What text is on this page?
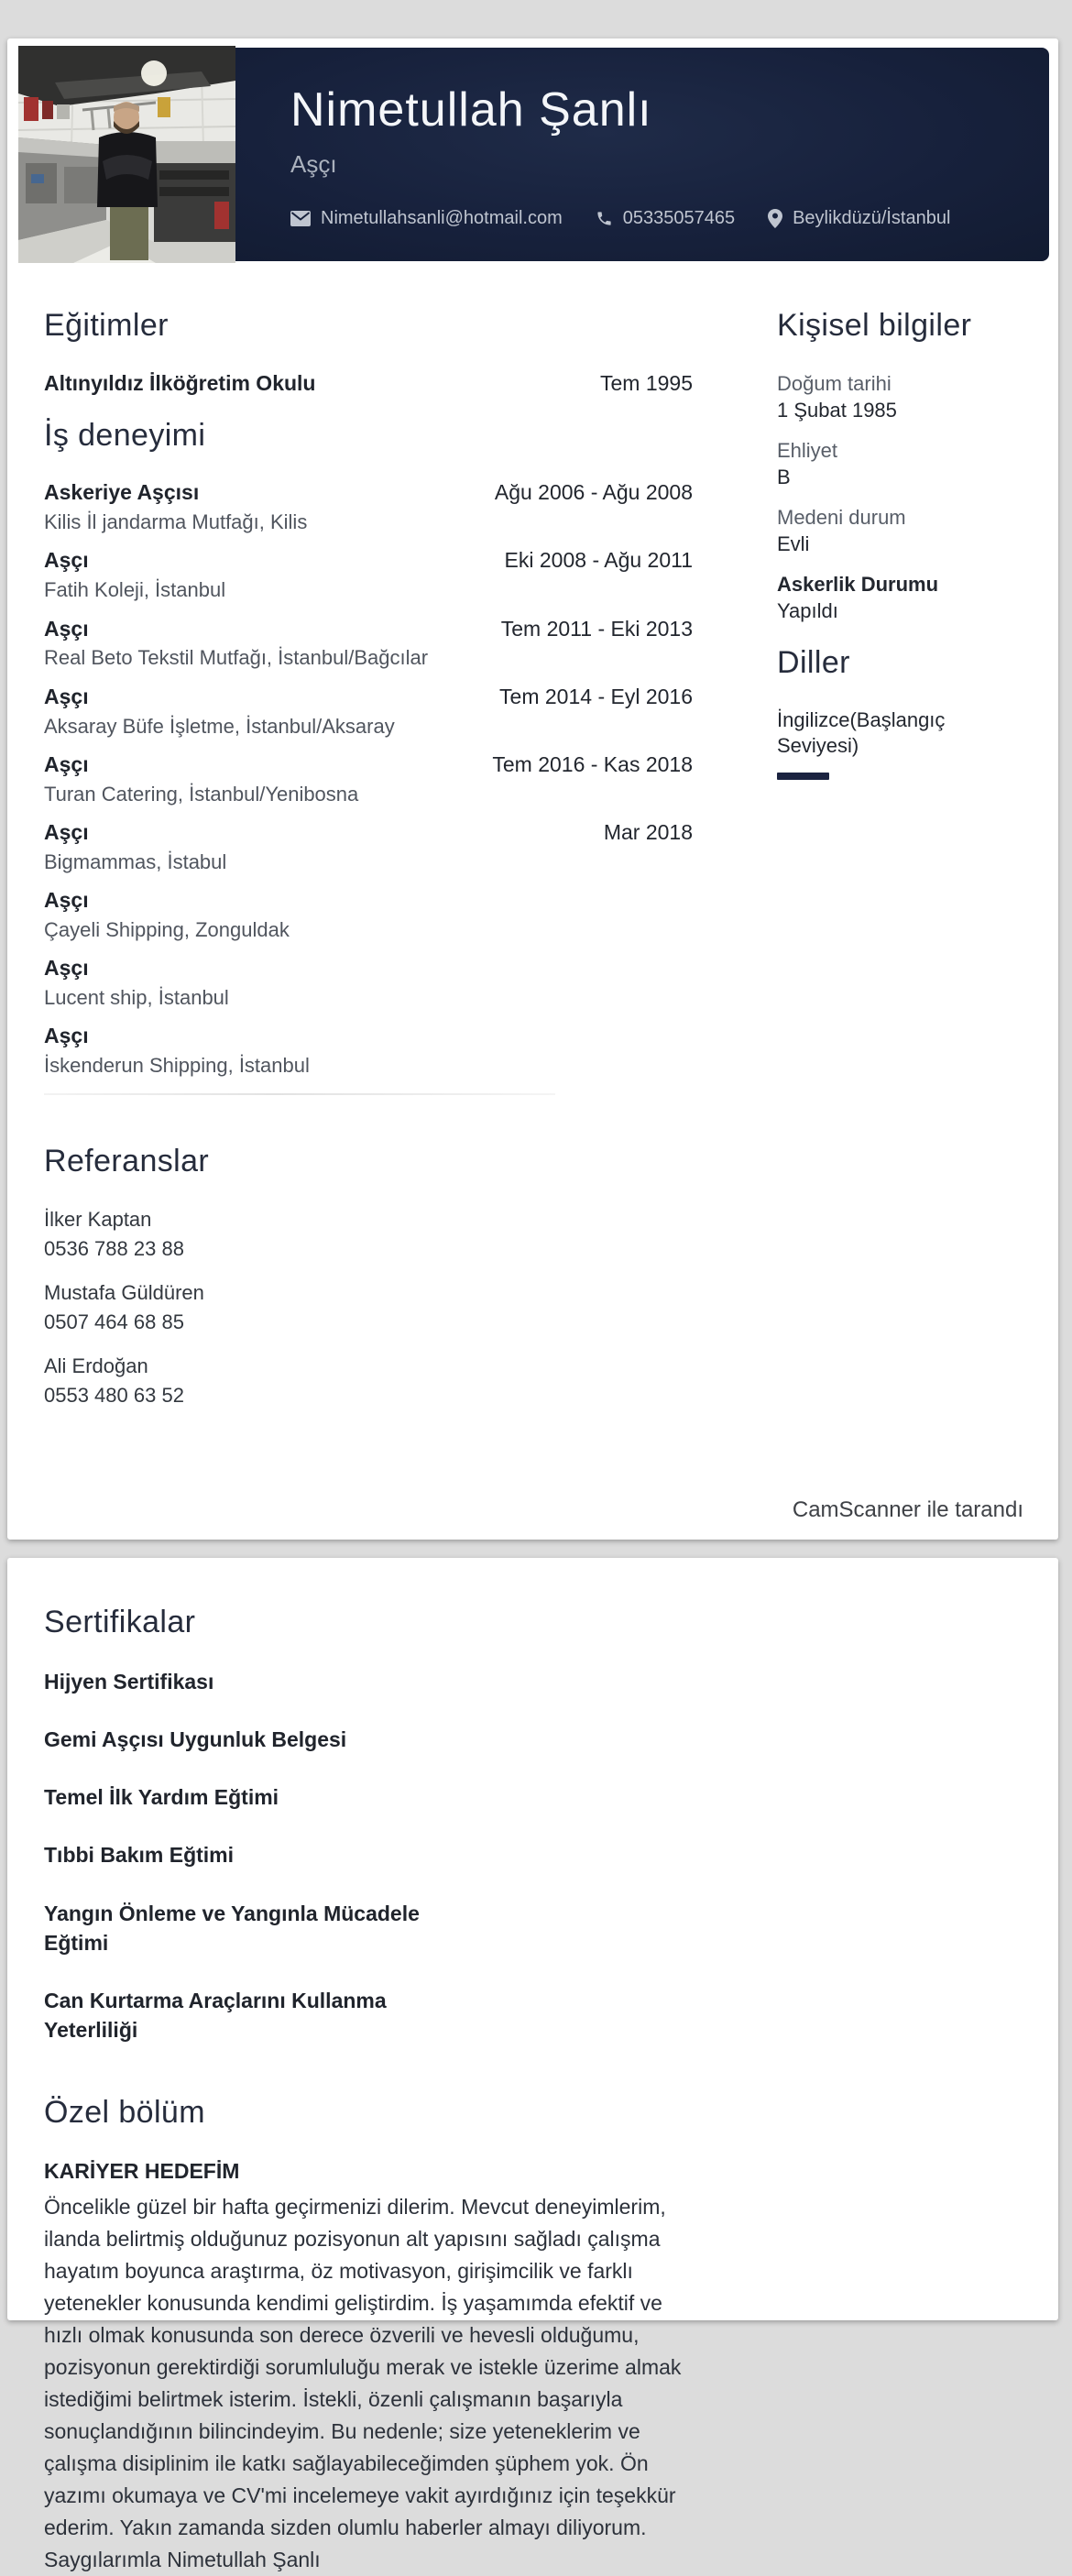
Nimetullah Şanlı
Aşçı
Nimetullahsanli@hotmail.com	05335057465	Beylikdüzü/İstanbul
Eğitimler
Altınyıldız İlköğretim Okulu	Tem 1995
İş deneyimi
Askeriye Aşçısı	Ağu 2006 - Ağu 2008
Kilis İl jandarma Mutfağı, Kilis
Aşçı	Eki 2008 - Ağu 2011
Fatih Koleji, İstanbul
Aşçı	Tem 2011 - Eki 2013
Real Beto Tekstil Mutfağı, İstanbul/Bağcılar
Aşçı	Tem 2014 - Eyl 2016
Aksaray Büfe İşletme, İstanbul/Aksaray
Aşçı	Tem 2016 - Kas 2018
Turan Catering, İstanbul/Yenibosna
Aşçı	Mar 2018
Bigmammas, İstabul
Aşçı
Çayeli Shipping, Zonguldak
Aşçı
Lucent ship, İstanbul
Aşçı
İskenderun Shipping, İstanbul
Referanslar
İlker Kaptan
0536 788 23 88
Mustafa Güldüren
0507 464 68 85
Ali Erdoğan
0553 480 63 52
Kişisel bilgiler
Doğum tarihi
1 Şubat 1985
Ehliyet
B
Medeni durum
Evli
Askerlik Durumu
Yapıldı
Diller
İngilizce(Başlangıç Seviyesi)
CamScanner ile tarandı
Sertifikalar
Hijyen Sertifikası
Gemi Aşçısı Uygunluk Belgesi
Temel İlk Yardım Eğtimi
Tıbbi Bakım Eğtimi
Yangın Önleme ve Yangınla Mücadele Eğtimi
Can Kurtarma Araçlarını Kullanma Yeterliliği
Özel bölüm
KARİYER HEDEFİM
Öncelikle güzel bir hafta geçirmenizi dilerim. Mevcut deneyimlerim, ilanda belirtmiş olduğunuz pozisyonun alt yapısını sağladı çalışma hayatım boyunca araştırma, öz motivasyon, girişimcilik ve farklı yetenekler konusunda kendimi geliştirdim. İş yaşamımda efektif ve hızlı olmak konusunda son derece özverili ve hevesli olduğumu, pozisyonun gerektirdiği sorumluluğu merak ve istekle üzerime almak istediğimi belirtmek isterim. İstekli, özenli çalışmanın başarıyla sonuçlandığının bilincindeyim. Bu nedenle; size yeteneklerim ve çalışma disiplinim ile katkı sağlayabileceğimden şüphem yok. Ön yazımı okumaya ve CV'mi incelemeye vakit ayırdığınız için teşekkür ederim. Yakın zamanda sizden olumlu haberler almayı diliyorum. Saygılarımla Nimetullah Şanlı
